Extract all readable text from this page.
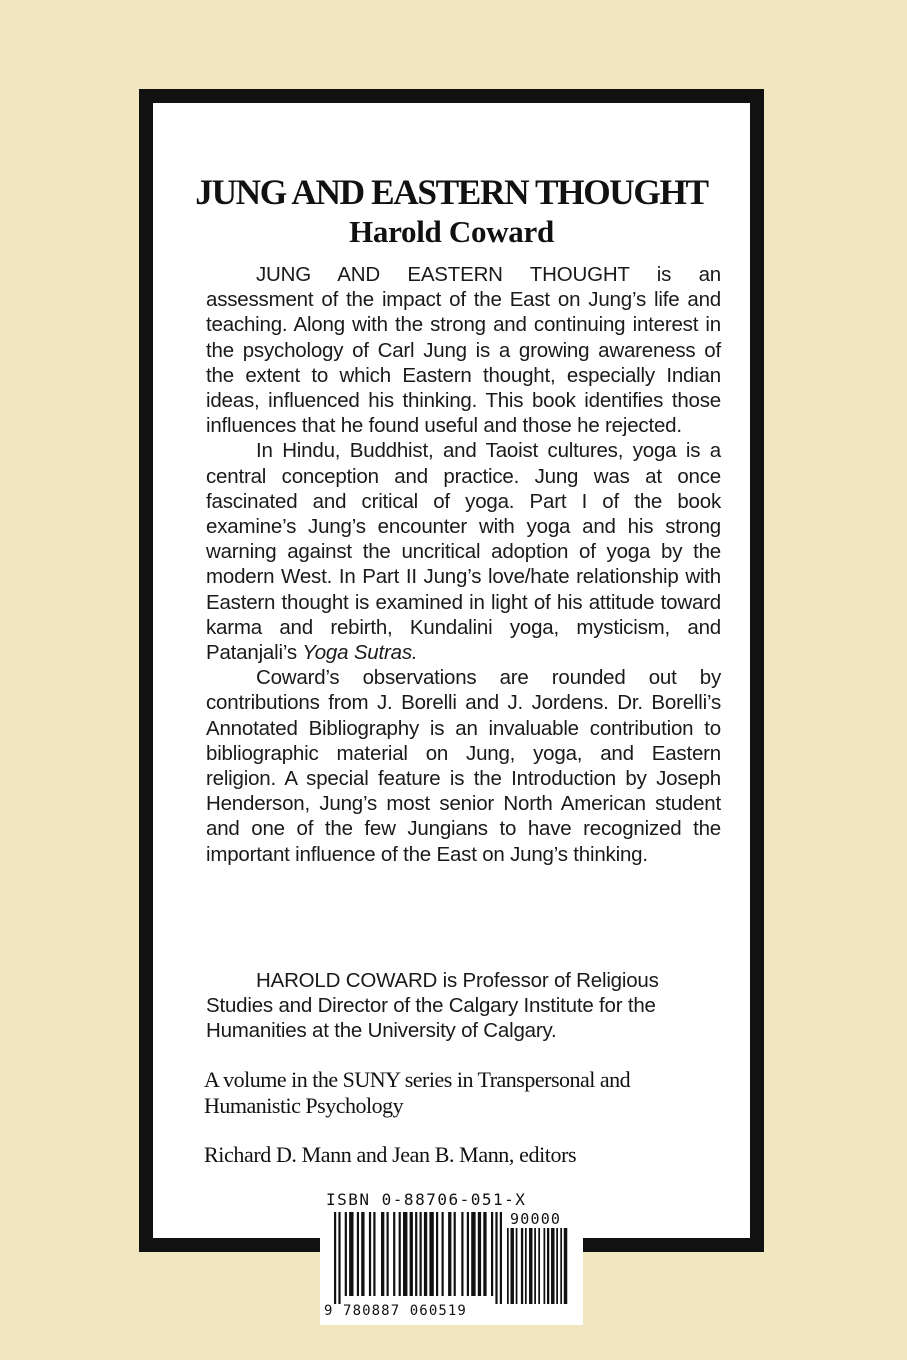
JUNG AND EASTERN THOUGHT
Harold Coward

JUNG AND EASTERN THOUGHT is an assessment of the impact of the East on Jung’s life and teaching. Along with the strong and continuing interest in the psychology of Carl Jung is a growing awareness of the extent to which Eastern thought, especially Indian ideas, influenced his thinking. This book identifies those influences that he found useful and those he rejected.

In Hindu, Buddhist, and Taoist cultures, yoga is a central conception and practice. Jung was at once fascinated and critical of yoga. Part I of the book examine’s Jung’s encounter with yoga and his strong warning against the uncritical adoption of yoga by the modern West. In Part II Jung’s love/hate relationship with Eastern thought is examined in light of his attitude toward karma and rebirth, Kundalini yoga, mysticism, and Patanjali’s Yoga Sutras.

Coward’s observations are rounded out by contributions from J. Borelli and J. Jordens. Dr. Borelli’s Annotated Bibliography is an invaluable contribution to bibliographic material on Jung, yoga, and Eastern religion. A special feature is the Introduction by Joseph Henderson, Jung’s most senior North American student and one of the few Jungians to have recognized the important influence of the East on Jung’s thinking.

HAROLD COWARD is Professor of Religious Studies and Director of the Calgary Institute for the Humanities at the University of Calgary.
A volume in the SUNY series in Transpersonal and Humanistic Psychology
Richard D. Mann and Jean B. Mann, editors
ISBN 0-88706-051-X
90000
9 780887 060519
